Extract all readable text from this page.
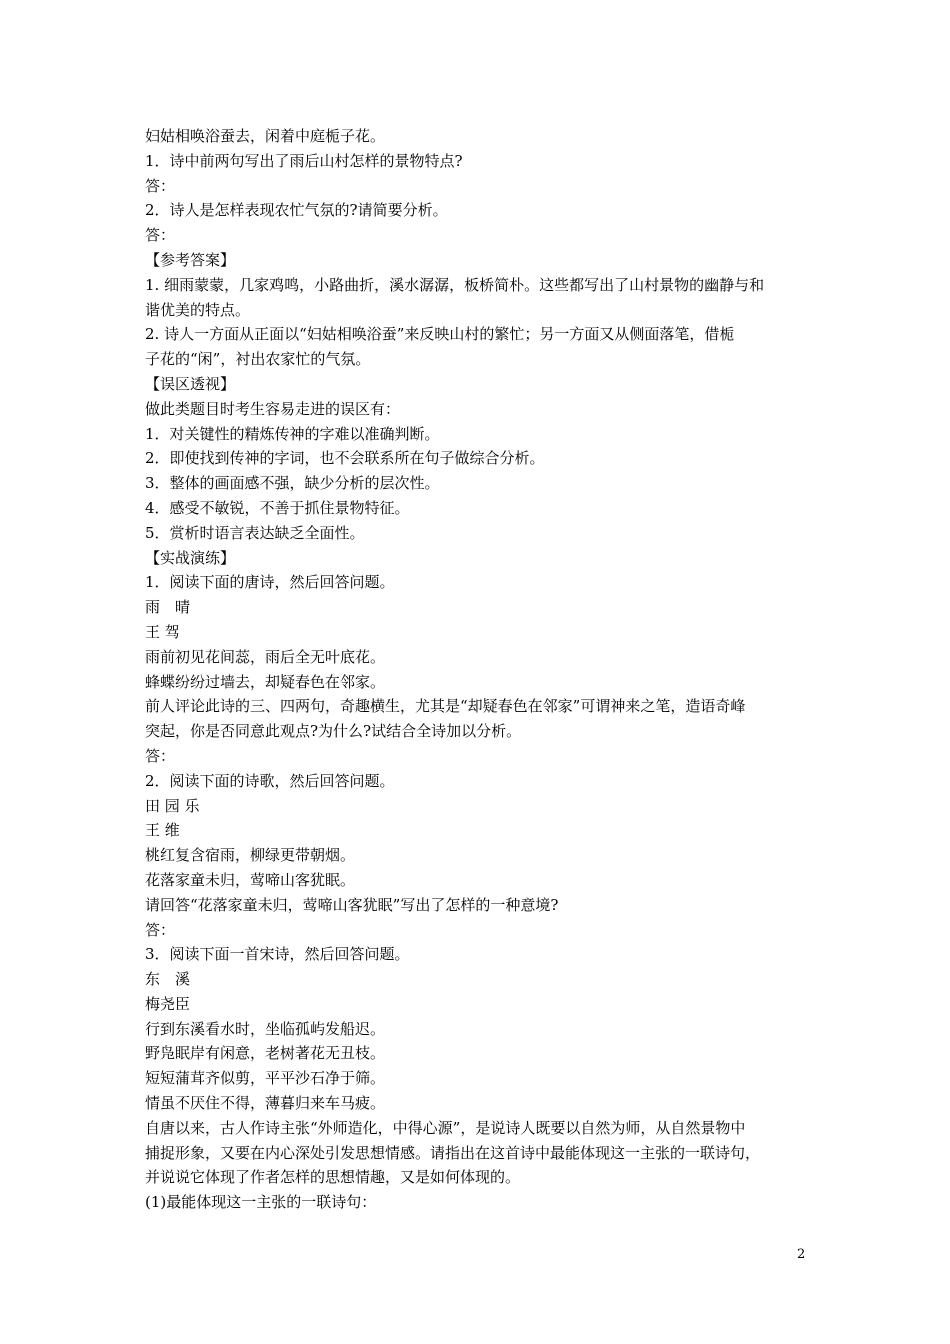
妇姑相唤浴蚕去，闲着中庭栀子花。
1．诗中前两句写出了雨后山村怎样的景物特点?
答：
2．诗人是怎样表现农忙气氛的?请简要分析。
答：
【参考答案】
1. 细雨蒙蒙，几家鸡鸣，小路曲折，溪水潺潺，板桥简朴。这些都写出了山村景物的幽静与和
谐优美的特点。
2. 诗人一方面从正面以“妇姑相唤浴蚕”来反映山村的繁忙；另一方面又从侧面落笔，借栀
子花的“闲”，衬出农家忙的气氛。
【误区透视】
做此类题目时考生容易走进的误区有：
1．对关键性的精炼传神的字难以准确判断。
2．即使找到传神的字词，也不会联系所在句子做综合分析。
3．整体的画面感不强，缺少分析的层次性。
4．感受不敏锐，不善于抓住景物特征。
5．赏析时语言表达缺乏全面性。
【实战演练】
1．阅读下面的唐诗，然后回答问题。
雨　晴
王 驾
雨前初见花间蕊，雨后全无叶底花。
蜂蝶纷纷过墙去，却疑春色在邻家。
前人评论此诗的三、四两句，奇趣横生，尤其是“却疑春色在邻家”可谓神来之笔，造语奇峰
突起，你是否同意此观点?为什么?试结合全诗加以分析。
答：
2．阅读下面的诗歌，然后回答问题。
田 园 乐
王 维
桃红复含宿雨，柳绿更带朝烟。
花落家童未归，莺啼山客犹眠。
请回答“花落家童未归，莺啼山客犹眠”写出了怎样的一种意境?
答：
3．阅读下面一首宋诗，然后回答问题。
东　溪
梅尧臣
行到东溪看水时，坐临孤屿发船迟。
野凫眠岸有闲意，老树著花无丑枝。
短短蒲茸齐似剪，平平沙石净于筛。
情虽不厌住不得，薄暮归来车马疲。
自唐以来，古人作诗主张“外师造化，中得心源”，是说诗人既要以自然为师，从自然景物中
捕捉形象，又要在内心深处引发思想情感。请指出在这首诗中最能体现这一主张的一联诗句，
并说说它体现了作者怎样的思想情趣，又是如何体现的。
(1)最能体现这一主张的一联诗句：
2
